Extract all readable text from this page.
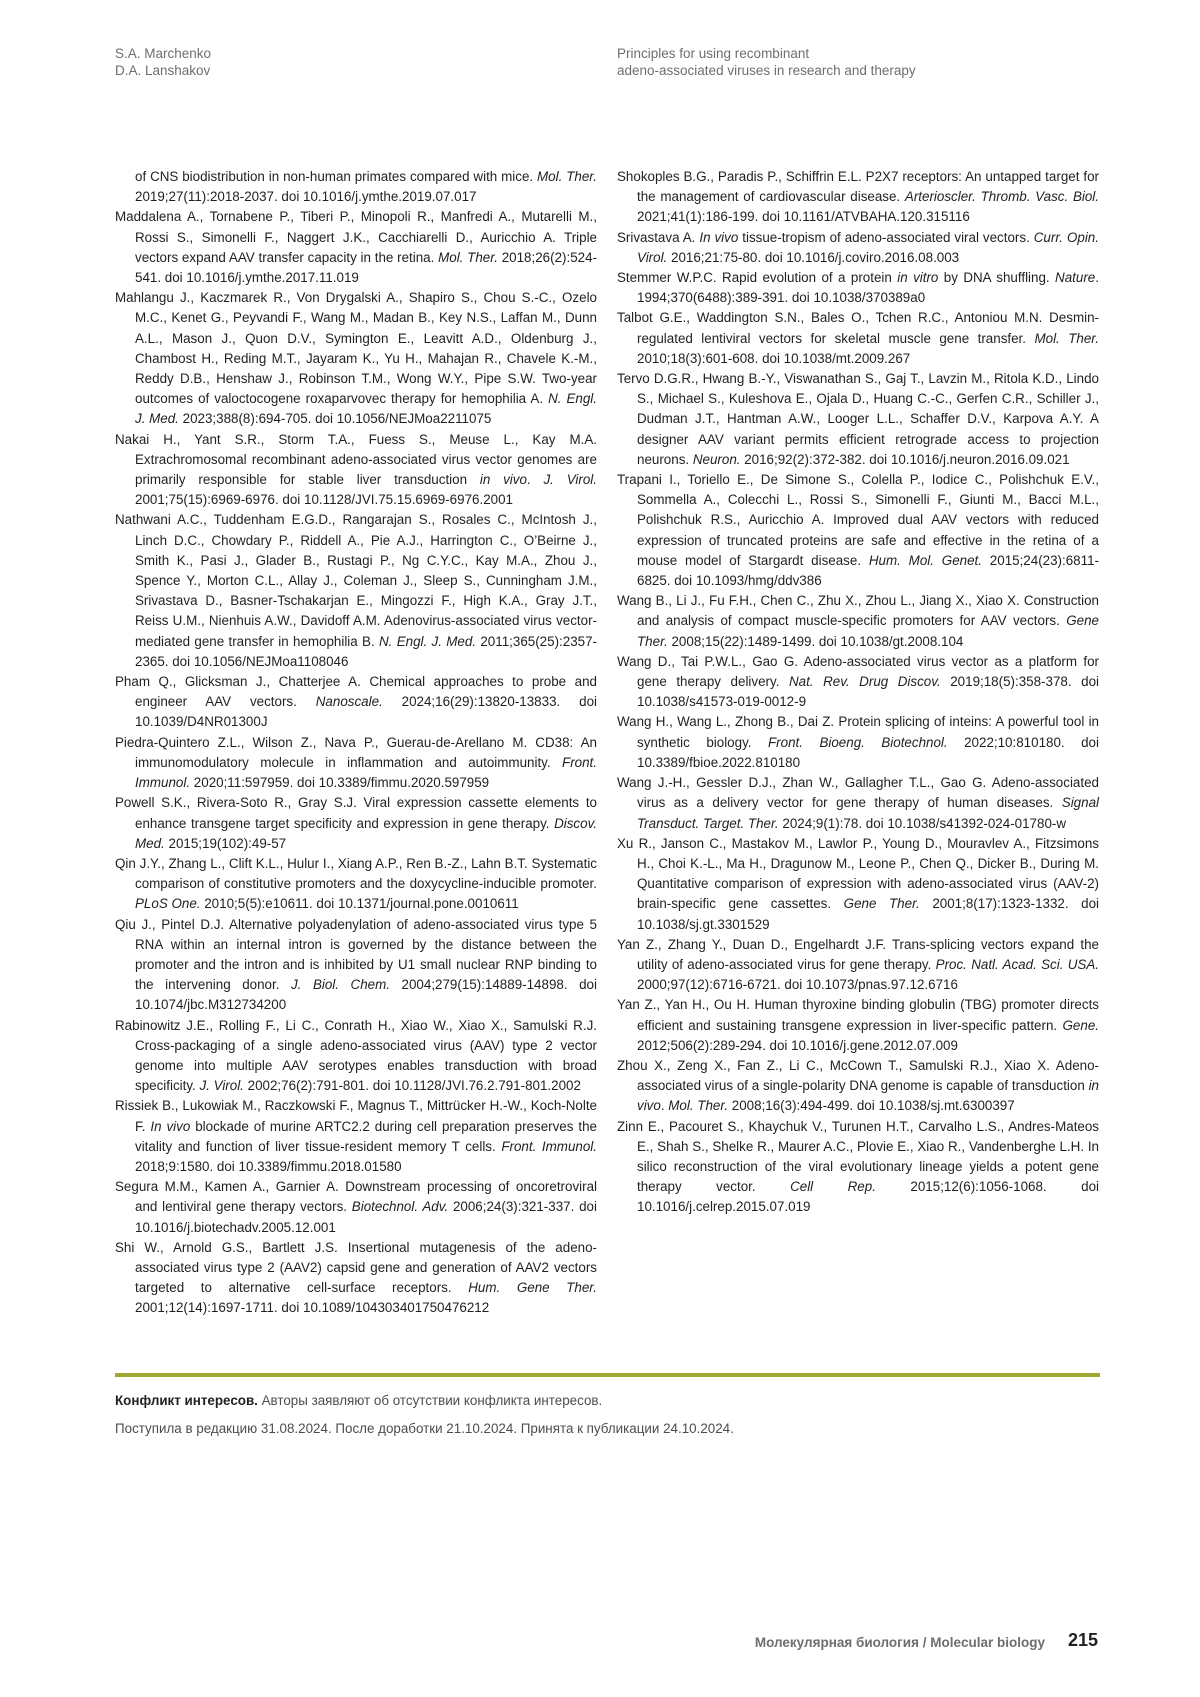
S.A. Marchenko
D.A. Lanshakov
Principles for using recombinant
adeno-associated viruses in research and therapy

of CNS biodistribution in non-human primates compared with mice. Mol. Ther. 2019;27(11):2018-2037. doi 10.1016/j.ymthe.2019.07.017

Maddalena A., Tornabene P., Tiberi P., Minopoli R., Manfredi A., Mutarelli M., Rossi S., Simonelli F., Naggert J.K., Cacchiarelli D., Auricchio A. Triple vectors expand AAV transfer capacity in the retina. Mol. Ther. 2018;26(2):524-541. doi 10.1016/j.ymthe.2017.11.019

Mahlangu J., Kaczmarek R., Von Drygalski A., Shapiro S., Chou S.-C., Ozelo M.C., Kenet G., Peyvandi F., Wang M., Madan B., Key N.S., Laffan M., Dunn A.L., Mason J., Quon D.V., Symington E., Leavitt A.D., Oldenburg J., Chambost H., Reding M.T., Jayaram K., Yu H., Mahajan R., Chavele K.-M., Reddy D.B., Henshaw J., Robinson T.M., Wong W.Y., Pipe S.W. Two-year outcomes of valoctocogene roxaparvovec therapy for hemophilia A. N. Engl. J. Med. 2023;388(8):694-705. doi 10.1056/NEJMoa2211075

Nakai H., Yant S.R., Storm T.A., Fuess S., Meuse L., Kay M.A. Extrachromosomal recombinant adeno-associated virus vector genomes are primarily responsible for stable liver transduction in vivo. J. Virol. 2001;75(15):6969-6976. doi 10.1128/JVI.75.15.6969-6976.2001

Nathwani A.C., Tuddenham E.G.D., Rangarajan S., Rosales C., McIntosh J., Linch D.C., Chowdary P., Riddell A., Pie A.J., Harrington C., O’Beirne J., Smith K., Pasi J., Glader B., Rustagi P., Ng C.Y.C., Kay M.A., Zhou J., Spence Y., Morton C.L., Allay J., Coleman J., Sleep S., Cunningham J.M., Srivastava D., Basner-Tschakarjan E., Mingozzi F., High K.A., Gray J.T., Reiss U.M., Nienhuis A.W., Davidoff A.M. Adenovirus-associated virus vector-mediated gene transfer in hemophilia B. N. Engl. J. Med. 2011;365(25):2357-2365. doi 10.1056/NEJMoa1108046

Pham Q., Glicksman J., Chatterjee A. Chemical approaches to probe and engineer AAV vectors. Nanoscale. 2024;16(29):13820-13833. doi 10.1039/D4NR01300J

Piedra-Quintero Z.L., Wilson Z., Nava P., Guerau-de-Arellano M. CD38: An immunomodulatory molecule in inflammation and autoimmunity. Front. Immunol. 2020;11:597959. doi 10.3389/fimmu.2020.597959

Powell S.K., Rivera-Soto R., Gray S.J. Viral expression cassette elements to enhance transgene target specificity and expression in gene therapy. Discov. Med. 2015;19(102):49-57

Qin J.Y., Zhang L., Clift K.L., Hulur I., Xiang A.P., Ren B.-Z., Lahn B.T. Systematic comparison of constitutive promoters and the doxycycline-inducible promoter. PLoS One. 2010;5(5):e10611. doi 10.1371/journal.pone.0010611

Qiu J., Pintel D.J. Alternative polyadenylation of adeno-associated virus type 5 RNA within an internal intron is governed by the distance between the promoter and the intron and is inhibited by U1 small nuclear RNP binding to the intervening donor. J. Biol. Chem. 2004;279(15):14889-14898. doi 10.1074/jbc.M312734200

Rabinowitz J.E., Rolling F., Li C., Conrath H., Xiao W., Xiao X., Samulski R.J. Cross-packaging of a single adeno-associated virus (AAV) type 2 vector genome into multiple AAV serotypes enables transduction with broad specificity. J. Virol. 2002;76(2):791-801. doi 10.1128/JVI.76.2.791-801.2002

Rissiek B., Lukowiak M., Raczkowski F., Magnus T., Mittrücker H.-W., Koch-Nolte F. In vivo blockade of murine ARTC2.2 during cell preparation preserves the vitality and function of liver tissue-resident memory T cells. Front. Immunol. 2018;9:1580. doi 10.3389/fimmu.2018.01580

Segura M.M., Kamen A., Garnier A. Downstream processing of oncoretroviral and lentiviral gene therapy vectors. Biotechnol. Adv. 2006;24(3):321-337. doi 10.1016/j.biotechadv.2005.12.001

Shi W., Arnold G.S., Bartlett J.S. Insertional mutagenesis of the adeno-associated virus type 2 (AAV2) capsid gene and generation of AAV2 vectors targeted to alternative cell-surface receptors. Hum. Gene Ther. 2001;12(14):1697-1711. doi 10.1089/104303401750476212

Shokoples B.G., Paradis P., Schiffrin E.L. P2X7 receptors: An untapped target for the management of cardiovascular disease. Arterioscler. Thromb. Vasc. Biol. 2021;41(1):186-199. doi 10.1161/ATVBAHA.120.315116

Srivastava A. In vivo tissue-tropism of adeno-associated viral vectors. Curr. Opin. Virol. 2016;21:75-80. doi 10.1016/j.coviro.2016.08.003

Stemmer W.P.C. Rapid evolution of a protein in vitro by DNA shuffling. Nature. 1994;370(6488):389-391. doi 10.1038/370389a0

Talbot G.E., Waddington S.N., Bales O., Tchen R.C., Antoniou M.N. Desmin-regulated lentiviral vectors for skeletal muscle gene transfer. Mol. Ther. 2010;18(3):601-608. doi 10.1038/mt.2009.267

Tervo D.G.R., Hwang B.-Y., Viswanathan S., Gaj T., Lavzin M., Ritola K.D., Lindo S., Michael S., Kuleshova E., Ojala D., Huang C.-C., Gerfen C.R., Schiller J., Dudman J.T., Hantman A.W., Looger L.L., Schaffer D.V., Karpova A.Y. A designer AAV variant permits efficient retrograde access to projection neurons. Neuron. 2016;92(2):372-382. doi 10.1016/j.neuron.2016.09.021

Trapani I., Toriello E., De Simone S., Colella P., Iodice C., Polishchuk E.V., Sommella A., Colecchi L., Rossi S., Simonelli F., Giunti M., Bacci M.L., Polishchuk R.S., Auricchio A. Improved dual AAV vectors with reduced expression of truncated proteins are safe and effective in the retina of a mouse model of Stargardt disease. Hum. Mol. Genet. 2015;24(23):6811-6825. doi 10.1093/hmg/ddv386

Wang B., Li J., Fu F.H., Chen C., Zhu X., Zhou L., Jiang X., Xiao X. Construction and analysis of compact muscle-specific promoters for AAV vectors. Gene Ther. 2008;15(22):1489-1499. doi 10.1038/gt.2008.104

Wang D., Tai P.W.L., Gao G. Adeno-associated virus vector as a platform for gene therapy delivery. Nat. Rev. Drug Discov. 2019;18(5):358-378. doi 10.1038/s41573-019-0012-9

Wang H., Wang L., Zhong B., Dai Z. Protein splicing of inteins: A powerful tool in synthetic biology. Front. Bioeng. Biotechnol. 2022;10:810180. doi 10.3389/fbioe.2022.810180

Wang J.-H., Gessler D.J., Zhan W., Gallagher T.L., Gao G. Adeno-associated virus as a delivery vector for gene therapy of human diseases. Signal Transduct. Target. Ther. 2024;9(1):78. doi 10.1038/s41392-024-01780-w

Xu R., Janson C., Mastakov M., Lawlor P., Young D., Mouravlev A., Fitzsimons H., Choi K.-L., Ma H., Dragunow M., Leone P., Chen Q., Dicker B., During M. Quantitative comparison of expression with adeno-associated virus (AAV-2) brain-specific gene cassettes. Gene Ther. 2001;8(17):1323-1332. doi 10.1038/sj.gt.3301529

Yan Z., Zhang Y., Duan D., Engelhardt J.F. Trans-splicing vectors expand the utility of adeno-associated virus for gene therapy. Proc. Natl. Acad. Sci. USA. 2000;97(12):6716-6721. doi 10.1073/pnas.97.12.6716

Yan Z., Yan H., Ou H. Human thyroxine binding globulin (TBG) promoter directs efficient and sustaining transgene expression in liver-specific pattern. Gene. 2012;506(2):289-294. doi 10.1016/j.gene.2012.07.009

Zhou X., Zeng X., Fan Z., Li C., McCown T., Samulski R.J., Xiao X. Adeno-associated virus of a single-polarity DNA genome is capable of transduction in vivo. Mol. Ther. 2008;16(3):494-499. doi 10.1038/sj.mt.6300397

Zinn E., Pacouret S., Khaychuk V., Turunen H.T., Carvalho L.S., Andres-Mateos E., Shah S., Shelke R., Maurer A.C., Plovie E., Xiao R., Vandenberghe L.H. In silico reconstruction of the viral evolutionary lineage yields a potent gene therapy vector. Cell Rep. 2015;12(6):1056-1068. doi 10.1016/j.celrep.2015.07.019

Конфликт интересов. Авторы заявляют об отсутствии конфликта интересов.
Поступила в редакцию 31.08.2024. После доработки 21.10.2024. Принята к публикации 24.10.2024.
Молекулярная биология / Molecular biology 215
